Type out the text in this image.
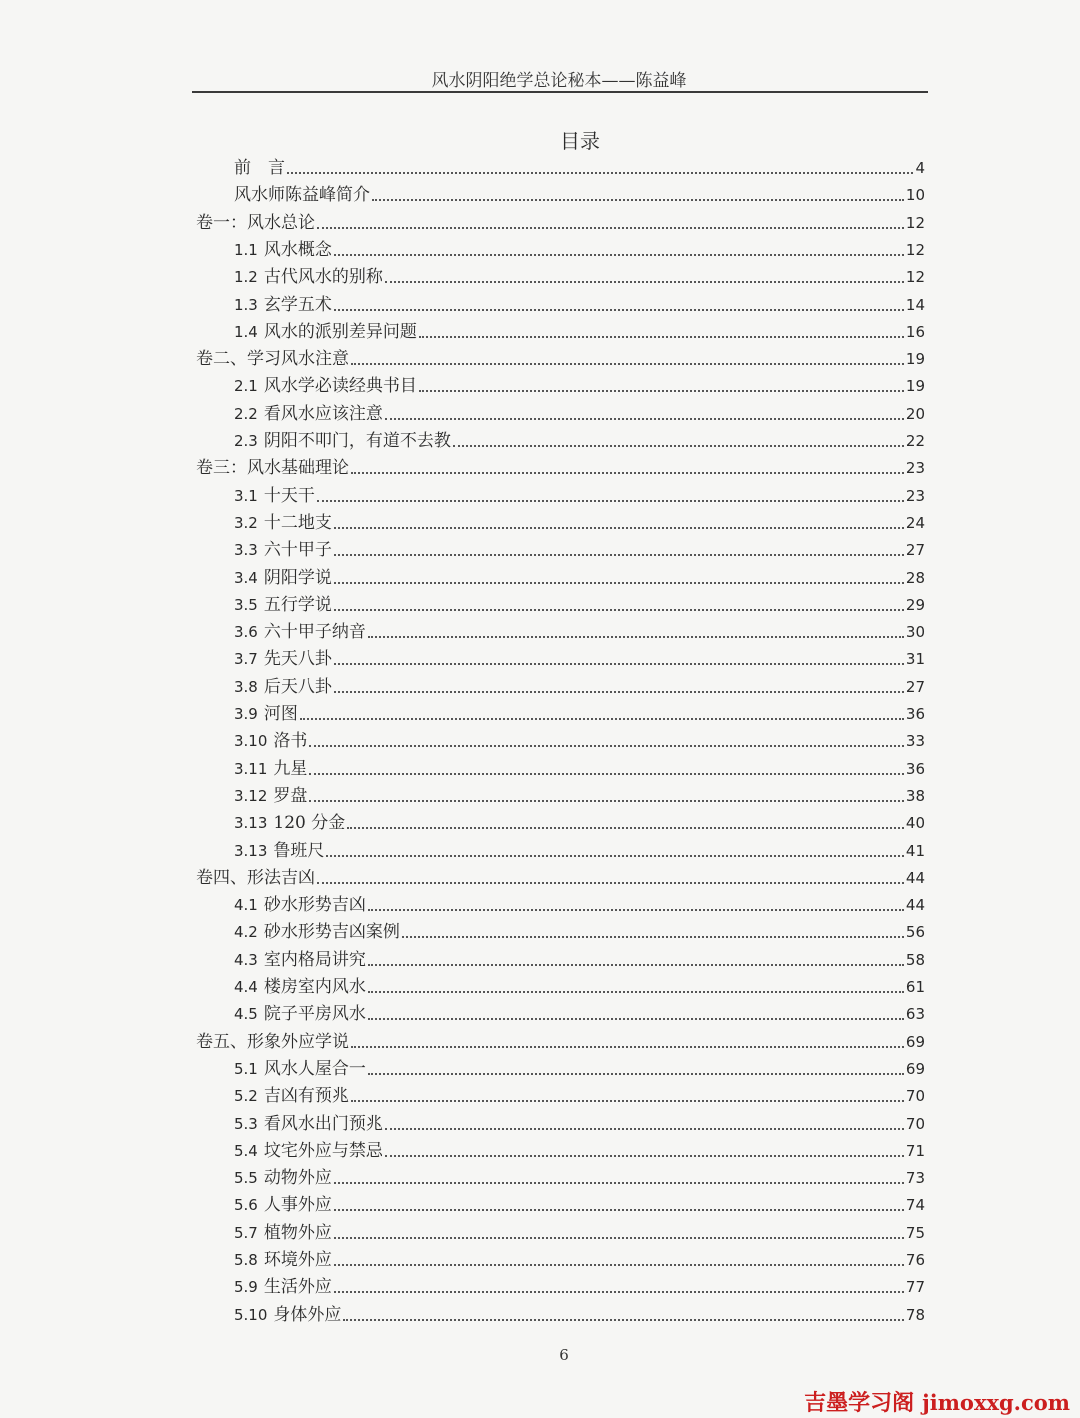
风水阴阳绝学总论秘本——陈益峰
目录
前　言	4
风水师陈益峰简介	10
卷一：风水总论	12
1.1 风水概念	12
1.2 古代风水的别称	12
1.3 玄学五术	14
1.4 风水的派别差异问题	16
卷二、学习风水注意	19
2.1 风水学必读经典书目	19
2.2 看风水应该注意	20
2.3 阴阳不叩门，有道不去教	22
卷三：风水基础理论	23
3.1 十天干	23
3.2 十二地支	24
3.3 六十甲子	27
3.4 阴阳学说	28
3.5 五行学说	29
3.6 六十甲子纳音	30
3.7 先天八卦	31
3.8 后天八卦	27
3.9 河图	36
3.10 洛书	33
3.11 九星	36
3.12 罗盘	38
3.13 120 分金	40
3.13 鲁班尺	41
卷四、形法吉凶	44
4.1 砂水形势吉凶	44
4.2 砂水形势吉凶案例	56
4.3 室内格局讲究	58
4.4 楼房室内风水	61
4.5 院子平房风水	63
卷五、形象外应学说	69
5.1 风水人屋合一	69
5.2 吉凶有预兆	70
5.3 看风水出门预兆	70
5.4 坟宅外应与禁忌	71
5.5 动物外应	73
5.6 人事外应	74
5.7 植物外应	75
5.8 环境外应	76
5.9 生活外应	77
5.10 身体外应	78
6
吉墨学习阁 jimoxxg.com
